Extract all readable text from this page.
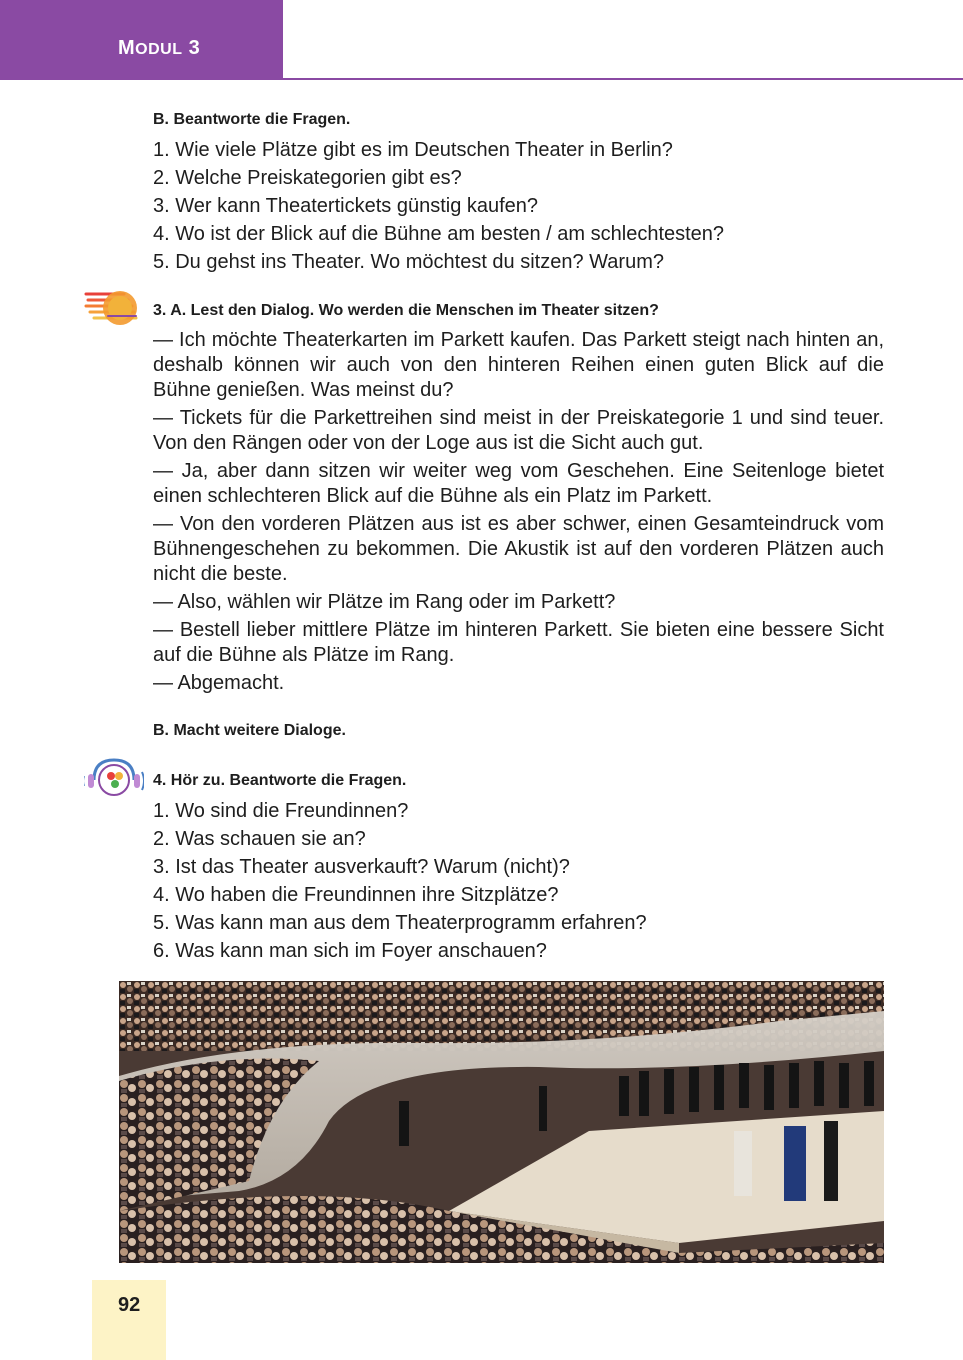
MODUL 3

B. Beantworte die Fragen.

1. Wie viele Plätze gibt es im Deutschen Theater in Berlin?

2. Welche Preiskategorien gibt es?

3. Wer kann Theatertickets günstig kaufen?

4. Wo ist der Blick auf die Bühne am besten / am schlechtesten?

5. Du gehst ins Theater. Wo möchtest du sitzen? Warum?

3. A. Lest den Dialog. Wo werden die Menschen im Theater sitzen?

— Ich möchte Theaterkarten im Parkett kaufen. Das Parkett steigt nach hinten an, deshalb können wir auch von den hinteren Reihen einen guten Blick auf die Bühne genießen. Was meinst du?

— Tickets für die Parkettreihen sind meist in der Preiskategorie 1 und sind teuer. Von den Rängen oder von der Loge aus ist die Sicht auch gut.

— Ja, aber dann sitzen wir weiter weg vom Geschehen. Eine Seitenloge bietet einen schlechteren Blick auf die Bühne als ein Platz im Parkett.

— Von den vorderen Plätzen aus ist es aber schwer, einen Gesamteindruck vom Bühnengeschehen zu bekommen. Die Akustik ist auf den vorderen Plätzen auch nicht die beste.

— Also, wählen wir Plätze im Rang oder im Parkett?

— Bestell lieber mittlere Plätze im hinteren Parkett. Sie bieten eine bessere Sicht auf die Bühne als Plätze im Rang.

— Abgemacht.

B. Macht weitere Dialoge.

4. Hör zu. Beantworte die Fragen.

1. Wo sind die Freundinnen?

2. Was schauen sie an?

3. Ist das Theater ausverkauft? Warum (nicht)?

4. Wo haben die Freundinnen ihre Sitzplätze?

5. Was kann man aus dem Theaterprogramm erfahren?

6. Was kann man sich im Foyer anschauen?

92
